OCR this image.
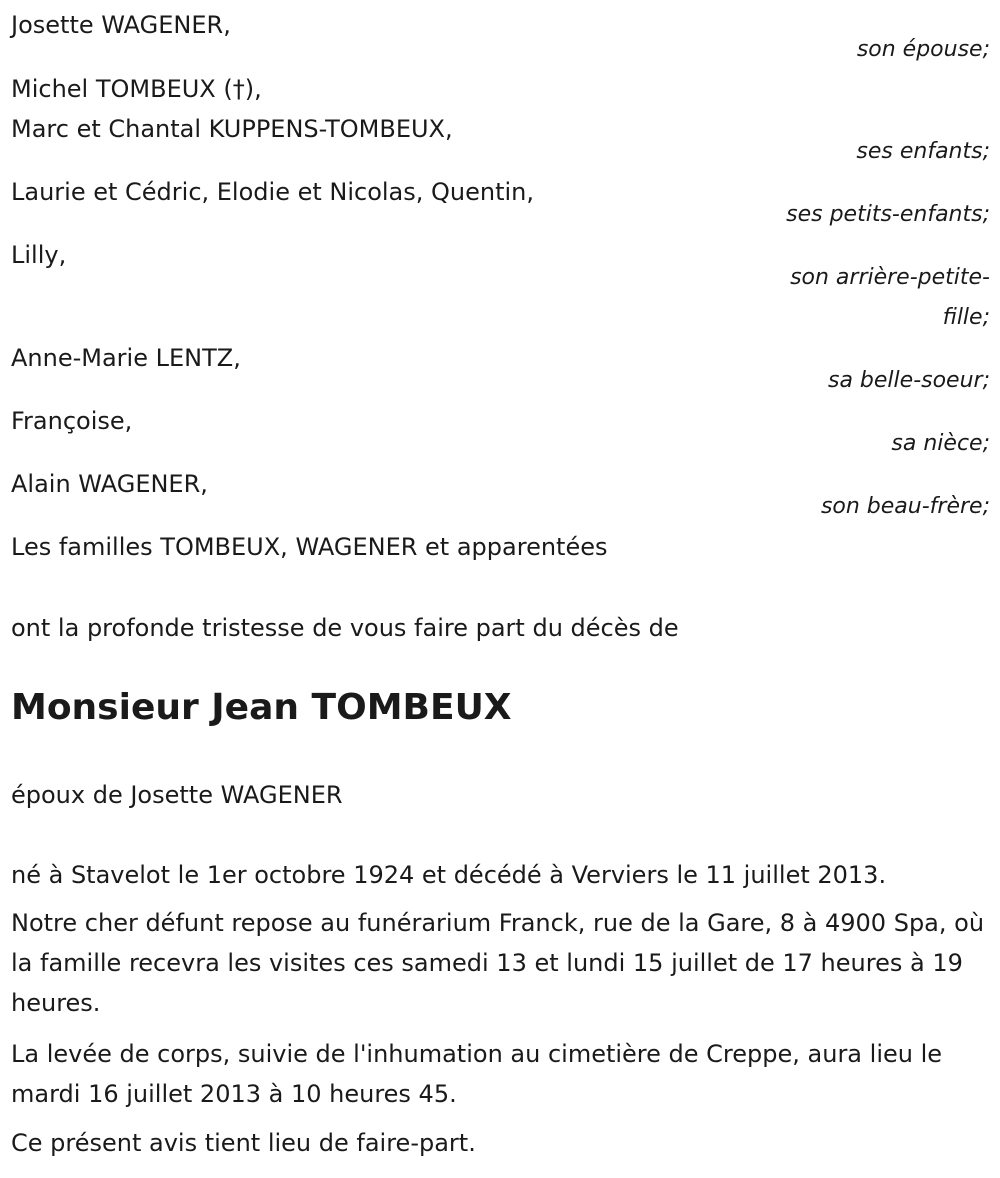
Josette WAGENER,
son épouse;
Michel TOMBEUX (†),
Marc et Chantal KUPPENS-TOMBEUX,
ses enfants;
Laurie et Cédric, Elodie et Nicolas, Quentin,
ses petits-enfants;
Lilly,
son arrière-petite-
fille;
Anne-Marie LENTZ,
sa belle-soeur;
Françoise,
sa nièce;
Alain WAGENER,
son beau-frère;
Les familles TOMBEUX, WAGENER et apparentées
ont la profonde tristesse de vous faire part du décès de
Monsieur Jean TOMBEUX
époux de Josette WAGENER
né à Stavelot le 1er octobre 1924 et décédé à Verviers le 11 juillet 2013.
Notre cher défunt repose au funérarium Franck, rue de la Gare, 8 à 4900 Spa, où la famille recevra les visites ces samedi 13 et lundi 15 juillet de 17 heures à 19 heures.
La levée de corps, suivie de l'inhumation au cimetière de Creppe, aura lieu le mardi 16 juillet 2013 à 10 heures 45.
Ce présent avis tient lieu de faire-part.
